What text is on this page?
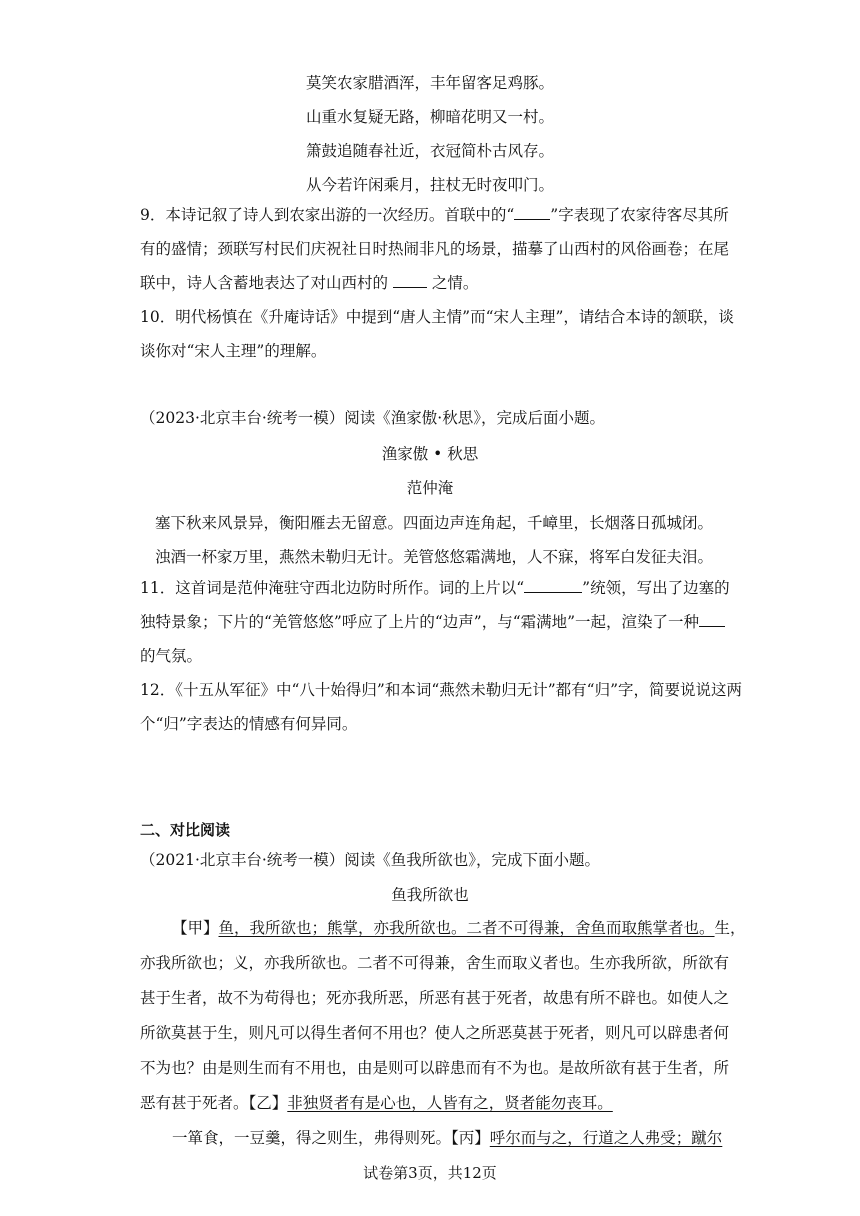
莫笑农家腊酒浑，丰年留客足鸡豚。
山重水复疑无路，柳暗花明又一村。
箫鼓追随春社近，衣冠简朴古风存。
从今若许闲乘月，拄杖无时夜叩门。
9．本诗记叙了诗人到农家出游的一次经历。首联中的“ ”字表现了农家待客尽其所
有的盛情；颈联写村民们庆祝社日时热闹非凡的场景，描摹了山西村的风俗画卷；在尾
联中，诗人含蓄地表达了对山西村的  之情。
10．明代杨慎在《升庵诗话》中提到“唐人主情”而“宋人主理”，请结合本诗的颔联，谈
谈你对“宋人主理”的理解。
（2023·北京丰台·统考一模）阅读《渔家傲·秋思》，完成后面小题。
渔家傲 • 秋思
范仲淹
塞下秋来风景异，衡阳雁去无留意。四面边声连角起，千嶂里，长烟落日孤城闭。
浊酒一杯家万里，燕然未勒归无计。羌管悠悠霜满地，人不寐，将军白发征夫泪。
11．这首词是范仲淹驻守西北边防时所作。词的上片以“	”统领，写出了边塞的
独特景象；下片的“羌管悠悠”呼应了上片的“边声”，与“霜满地”一起，渲染了一种
的气氛。
12．《十五从军征》中“八十始得归”和本词“燕然未勒归无计”都有“归”字，简要说说这两
个“归”字表达的情感有何异同。
二、对比阅读
（2021·北京丰台·统考一模）阅读《鱼我所欲也》，完成下面小题。
鱼我所欲也
【甲】鱼，我所欲也；熊掌，亦我所欲也。二者不可得兼，舍鱼而取熊掌者也。生，
亦我所欲也；义，亦我所欲也。二者不可得兼，舍生而取义者也。生亦我所欲，所欲有
甚于生者，故不为苟得也；死亦我所恶，所恶有甚于死者，故患有所不辟也。如使人之
所欲莫甚于生，则凡可以得生者何不用也？使人之所恶莫甚于死者，则凡可以辟患者何
不为也？由是则生而有不用也，由是则可以辟患而有不为也。是故所欲有甚于生者，所
恶有甚于死者。【乙】非独贤者有是心也，人皆有之，贤者能勿丧耳。
一箪食，一豆羹，得之则生，弗得则死。【丙】呼尔而与之，行道之人弗受；蹴尔
试卷第3页，共12页
